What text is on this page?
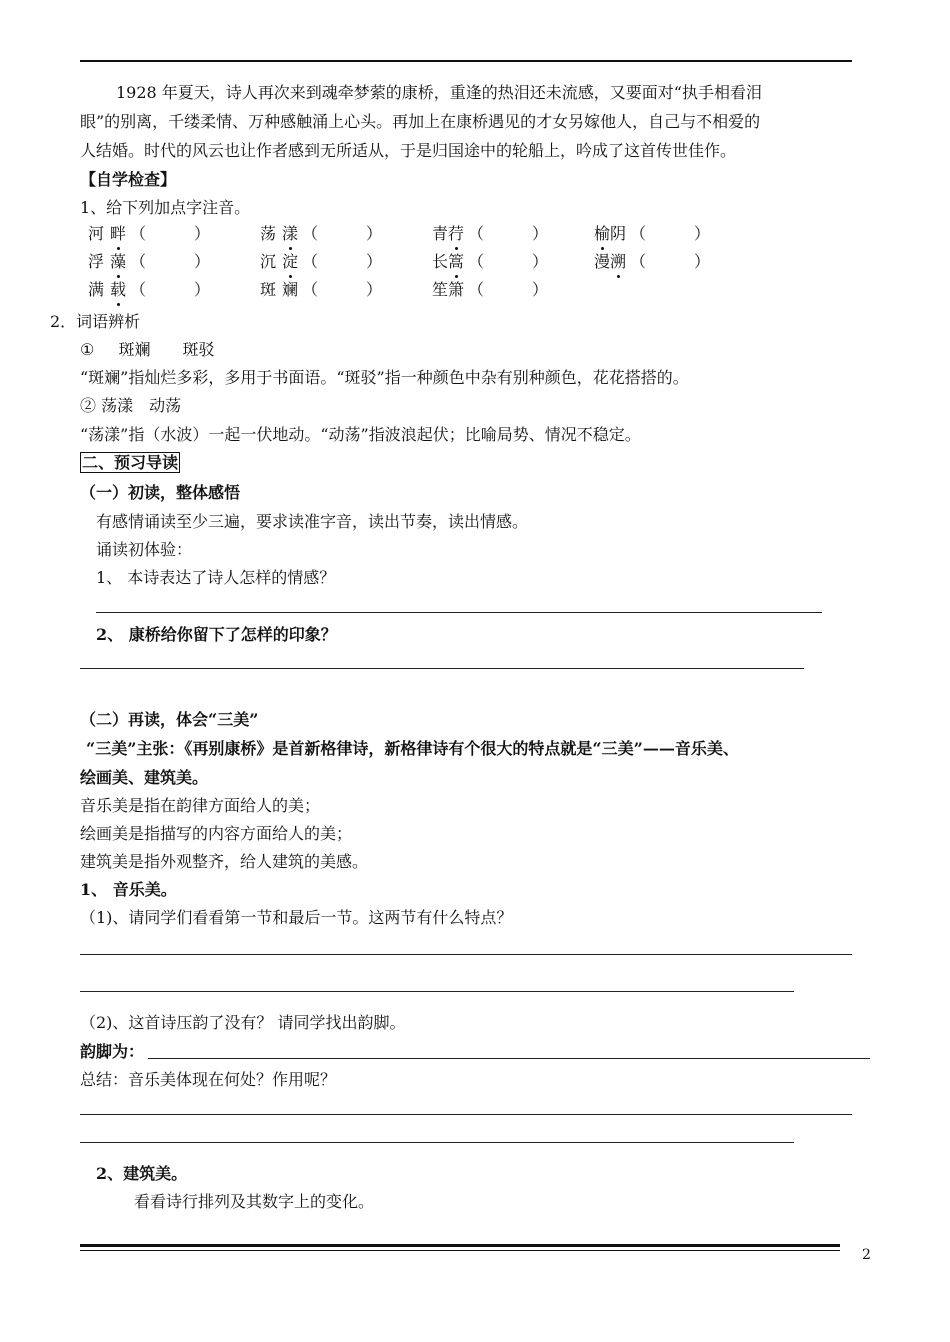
1928 年夏天，诗人再次来到魂牵梦萦的康桥，重逢的热泪还未流感，又要面对“执手相看泪
眼”的别离，千缕柔情、万种感触涌上心头。再加上在康桥遇见的才女另嫁他人，自己与不相爱的
人结婚。时代的风云也让作者感到无所适从，于是归国途中的轮船上，吟成了这首传世佳作。
【自学检查】
1、给下列加点字注音。
河 畔 （　　　）	荡 漾 （　　　）	青荇 （　　　）	榆阴 （　　　）
浮 藻 （　　　）	沉 淀 （　　　）	长篙 （　　　）	漫溯 （　　　）
满 载 （　　　）	斑 斓 （　　　）	笙箫 （　　　）
2．词语辨析
① 斑斓　　斑驳
“斑斓”指灿烂多彩，多用于书面语。“斑驳”指一种颜色中杂有别种颜色，花花搭搭的。
② 荡漾　动荡
“荡漾”指（水波）一起一伏地动。“动荡”指波浪起伏；比喻局势、情况不稳定。
二、预习导读
（一）初读，整体感悟
有感情诵读至少三遍，要求读准字音，读出节奏，读出情感。
诵读初体验：
1、 本诗表达了诗人怎样的情感？
2、 康桥给你留下了怎样的印象？
（二）再读，体会“三美”
“三美”主张：《再别康桥》是首新格律诗，新格律诗有个很大的特点就是“三美”——音乐美、
绘画美、建筑美。
音乐美是指在韵律方面给人的美；
绘画美是指描写的内容方面给人的美；
建筑美是指外观整齐，给人建筑的美感。
1、 音乐美。
（1)、请同学们看看第一节和最后一节。这两节有什么特点？
（2)、这首诗压韵了没有？ 请同学找出韵脚。
韵脚为：
总结：音乐美体现在何处？作用呢？
2、建筑美。
看看诗行排列及其数字上的变化。
2
